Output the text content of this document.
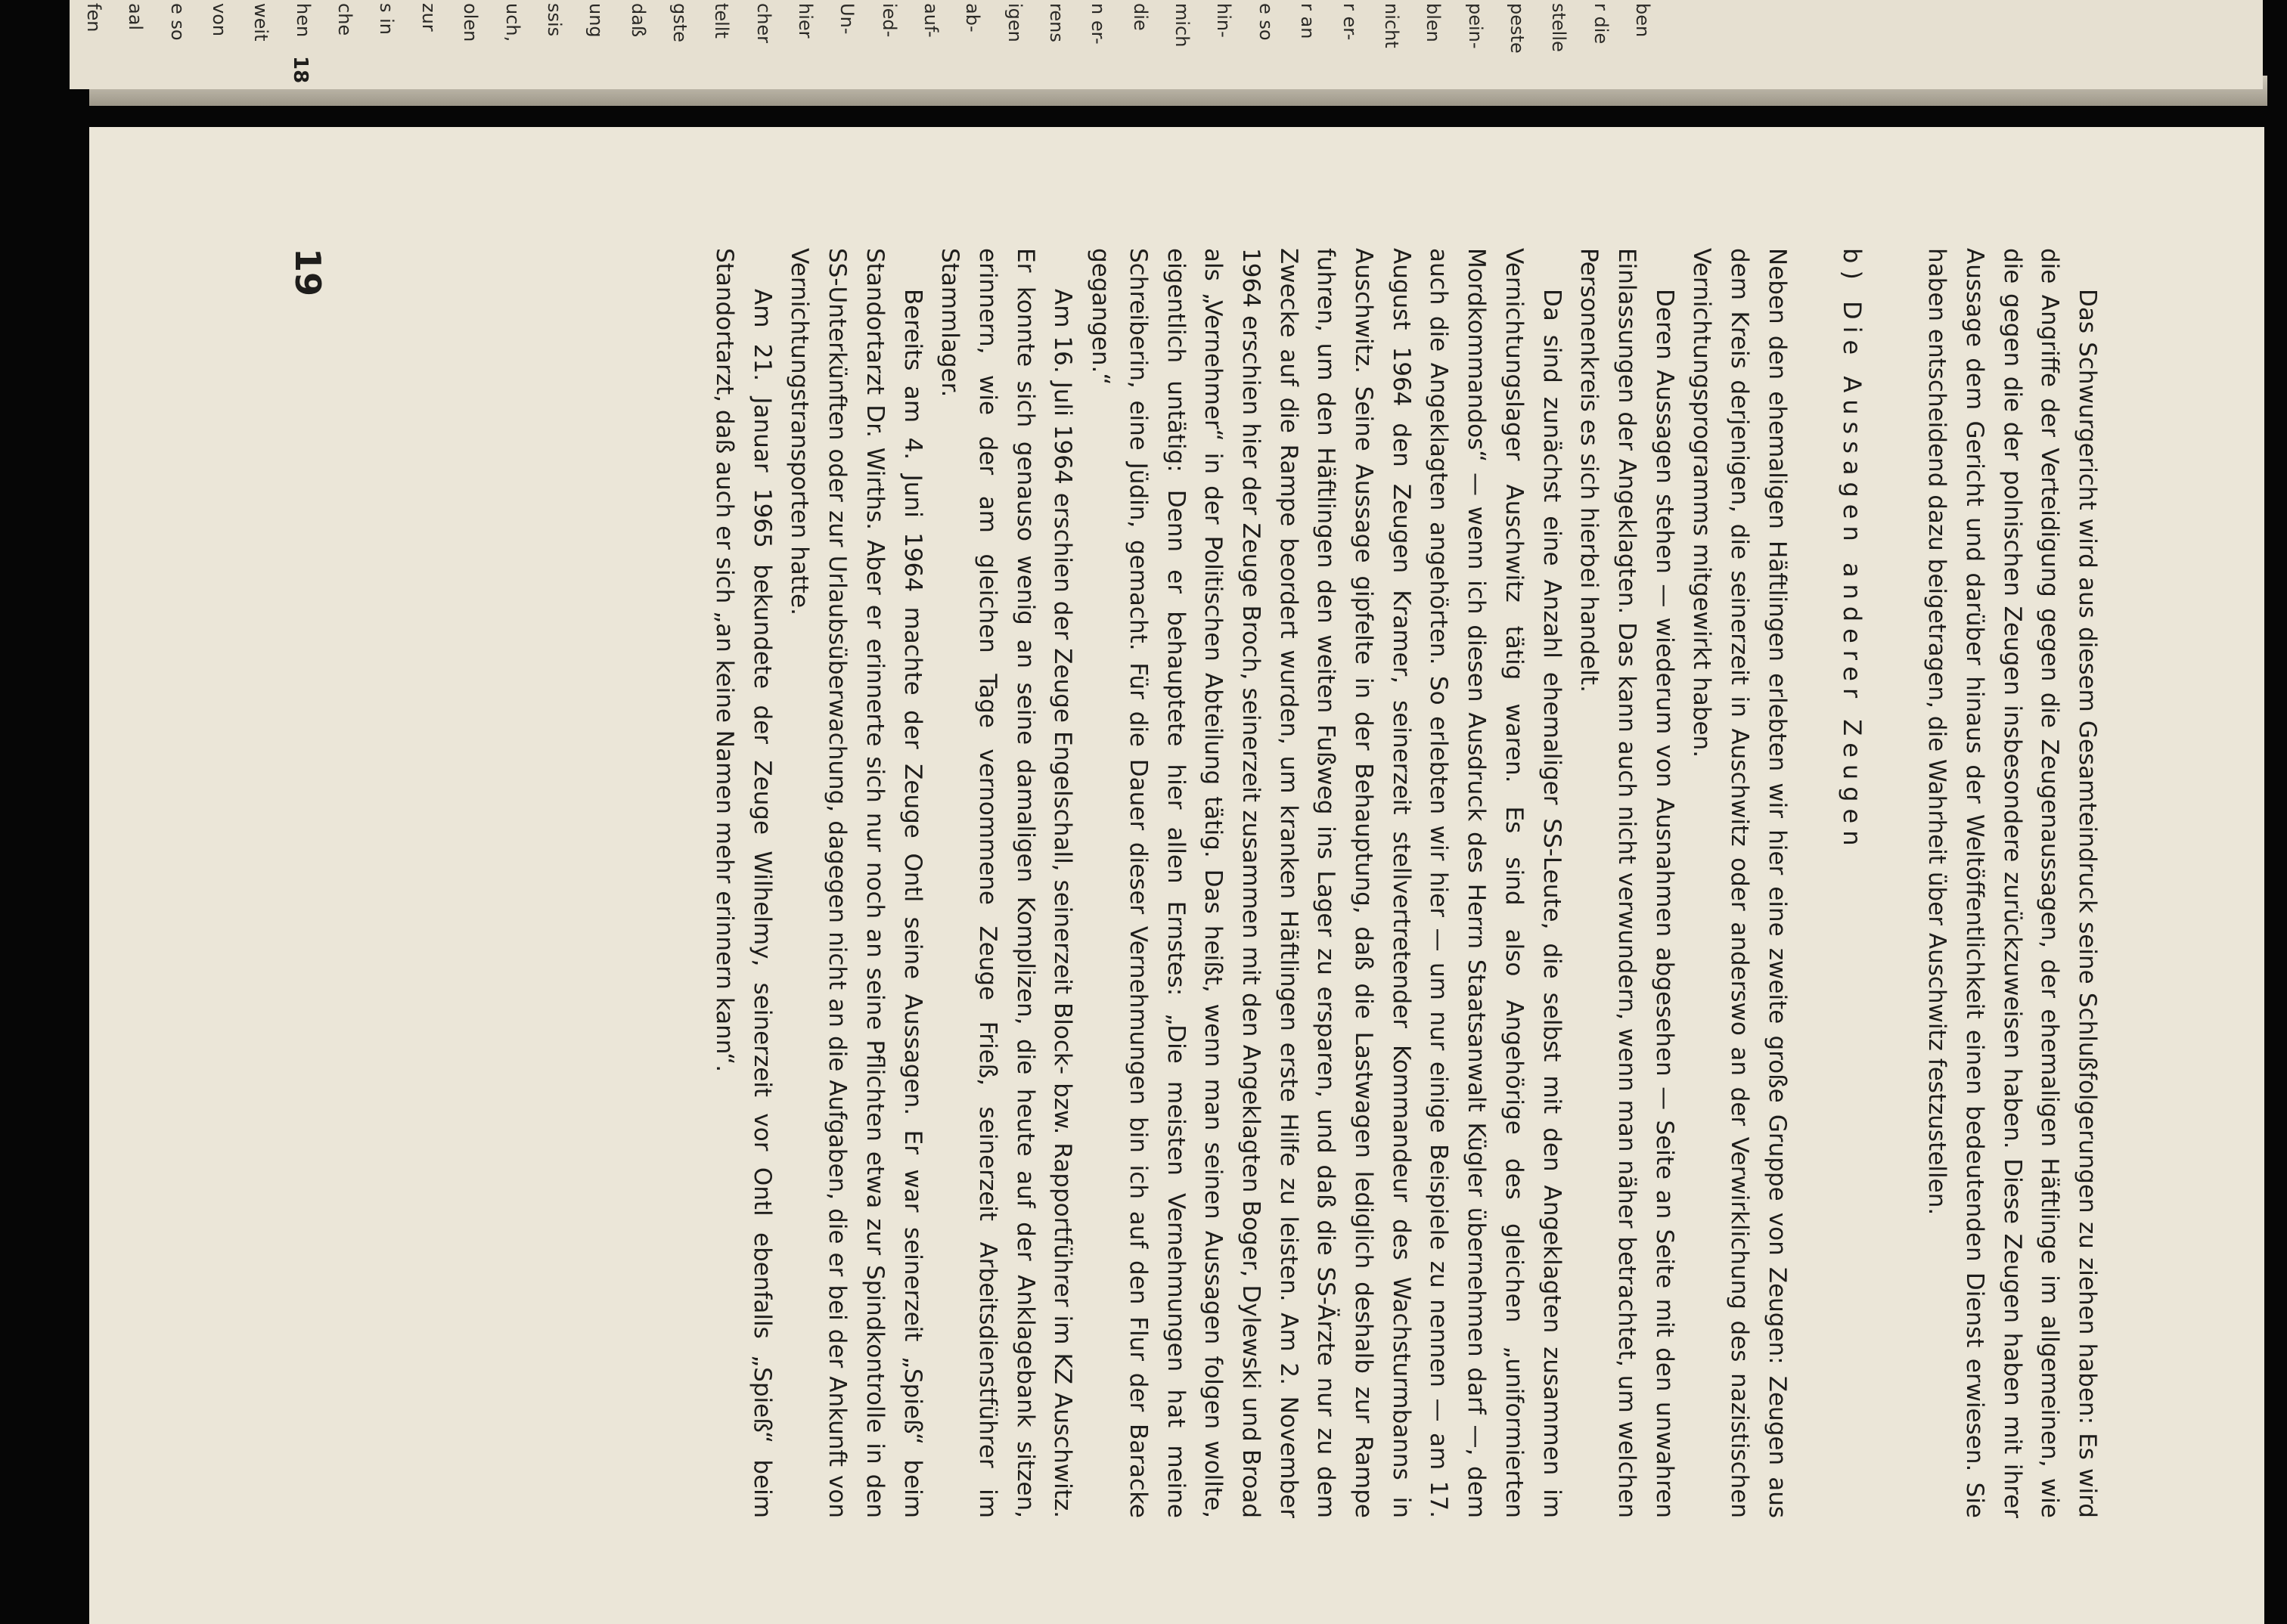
fen aal e so von weit hen che s in zur olen uch, ssis ung daß gste tellt cher hier Un- ied- auf- ab- igen rens n er- die mich hin- e so r an r er- nicht blen pein- peste stelle r die ben
18

Das Schwurgericht wird aus diesem Gesamteindruck seine Schlußfolgerungen zu ziehen haben: Es wird die Angriffe der Verteidigung gegen die Zeugenaussagen, der ehemaligen Häftlinge im allgemeinen, wie die gegen die der polnischen Zeugen insbesondere zurückzuweisen haben. Diese Zeugen haben mit ihrer Aussage dem Gericht und darüber hinaus der Weltöffentlichkeit einen bedeutenden Dienst erwiesen. Sie haben entscheidend dazu beigetragen, die Wahrheit über Auschwitz festzustellen.

b) Die Aussagen anderer Zeugen

Neben den ehemaligen Häftlingen erlebten wir hier eine zweite große Gruppe von Zeugen: Zeugen aus dem Kreis derjenigen, die seinerzeit in Auschwitz oder anderswo an der Verwirklichung des nazistischen Vernichtungsprogramms mitgewirkt haben.

Deren Aussagen stehen — wiederum von Ausnahmen abgesehen — Seite an Seite mit den unwahren Einlassungen der Angeklagten. Das kann auch nicht verwundern, wenn man näher betrachtet, um welchen Personenkreis es sich hierbei handelt.

Da sind zunächst eine Anzahl ehemaliger SS-Leute, die selbst mit den Angeklagten zusammen im Vernichtungslager Auschwitz tätig waren. Es sind also Angehörige des gleichen „uniformierten Mordkommandos“ — wenn ich diesen Ausdruck des Herrn Staatsanwalt Kügler übernehmen darf —, dem auch die Angeklagten angehörten. So erlebten wir hier — um nur einige Beispiele zu nennen — am 17. August 1964 den Zeugen Kramer, seinerzeit stellvertretender Kommandeur des Wachsturmbanns in Auschwitz. Seine Aussage gipfelte in der Behauptung, daß die Lastwagen lediglich deshalb zur Rampe fuhren, um den Häftlingen den weiten Fußweg ins Lager zu ersparen, und daß die SS-Ärzte nur zu dem Zwecke auf die Rampe beordert wurden, um kranken Häftlingen erste Hilfe zu leisten. Am 2. November 1964 erschien hier der Zeuge Broch, seinerzeit zusammen mit den Angeklagten Boger, Dylewski und Broad als „Vernehmer“ in der Politischen Abteilung tätig. Das heißt, wenn man seinen Aussagen folgen wollte, eigentlich untätig: Denn er behauptete hier allen Ernstes: „Die meisten Vernehmungen hat meine Schreiberin, eine Jüdin, gemacht. Für die Dauer dieser Vernehmungen bin ich auf den Flur der Baracke gegangen.“

Am 16. Juli 1964 erschien der Zeuge Engelschall, seinerzeit Block- bzw. Rapportführer im KZ Auschwitz. Er konnte sich genauso wenig an seine damaligen Komplizen, die heute auf der Anklagebank sitzen, erinnern, wie der am gleichen Tage vernommene Zeuge Frieß, seinerzeit Arbeitsdienstführer im Stammlager.

Bereits am 4. Juni 1964 machte der Zeuge Ontl seine Aussagen. Er war seinerzeit „Spieß“ beim Standortarzt Dr. Wirths. Aber er erinnerte sich nur noch an seine Pflichten etwa zur Spindkontrolle in den SS-Unterkünften oder zur Urlaubsüberwachung, dagegen nicht an die Aufgaben, die er bei der Ankunft von Vernichtungstransporten hatte.

Am 21. Januar 1965 bekundete der Zeuge Wilhelmy, seinerzeit vor Ontl ebenfalls „Spieß“ beim Standortarzt, daß auch er sich „an keine Namen mehr erinnern kann“.

19
